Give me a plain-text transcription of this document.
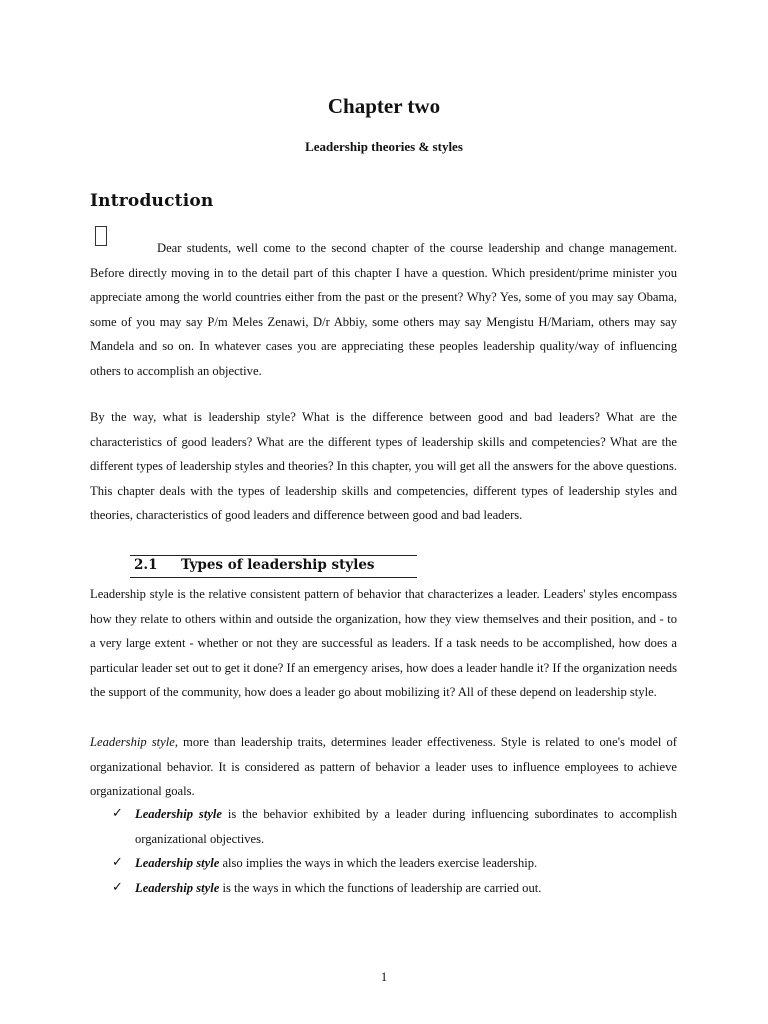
Chapter two
Leadership theories & styles
Introduction
Dear students, well come to the second chapter of the course leadership and change management. Before directly moving in to the detail part of this chapter I have a question. Which president/prime minister you appreciate among the world countries either from the past or the present? Why? Yes, some of you may say Obama, some of you may say P/m Meles Zenawi, D/r Abbiy, some others may say Mengistu H/Mariam, others may say Mandela and so on. In whatever cases you are appreciating these peoples leadership quality/way of influencing others to accomplish an objective.
By the way, what is leadership style? What is the difference between good and bad leaders? What are the characteristics of good leaders? What are the different types of leadership skills and competencies? What are the different types of leadership styles and theories? In this chapter, you will get all the answers for the above questions. This chapter deals with the types of leadership skills and competencies, different types of leadership styles and theories, characteristics of good leaders and difference between good and bad leaders.
2.1 Types of leadership styles
Leadership style is the relative consistent pattern of behavior that characterizes a leader. Leaders' styles encompass how they relate to others within and outside the organization, how they view themselves and their position, and - to a very large extent - whether or not they are successful as leaders. If a task needs to be accomplished, how does a particular leader set out to get it done? If an emergency arises, how does a leader handle it? If the organization needs the support of the community, how does a leader go about mobilizing it? All of these depend on leadership style.
Leadership style, more than leadership traits, determines leader effectiveness. Style is related to one's model of organizational behavior. It is considered as pattern of behavior a leader uses to influence employees to achieve organizational goals.
✓ Leadership style is the behavior exhibited by a leader during influencing subordinates to accomplish organizational objectives.
✓ Leadership style also implies the ways in which the leaders exercise leadership.
✓ Leadership style is the ways in which the functions of leadership are carried out.
1
